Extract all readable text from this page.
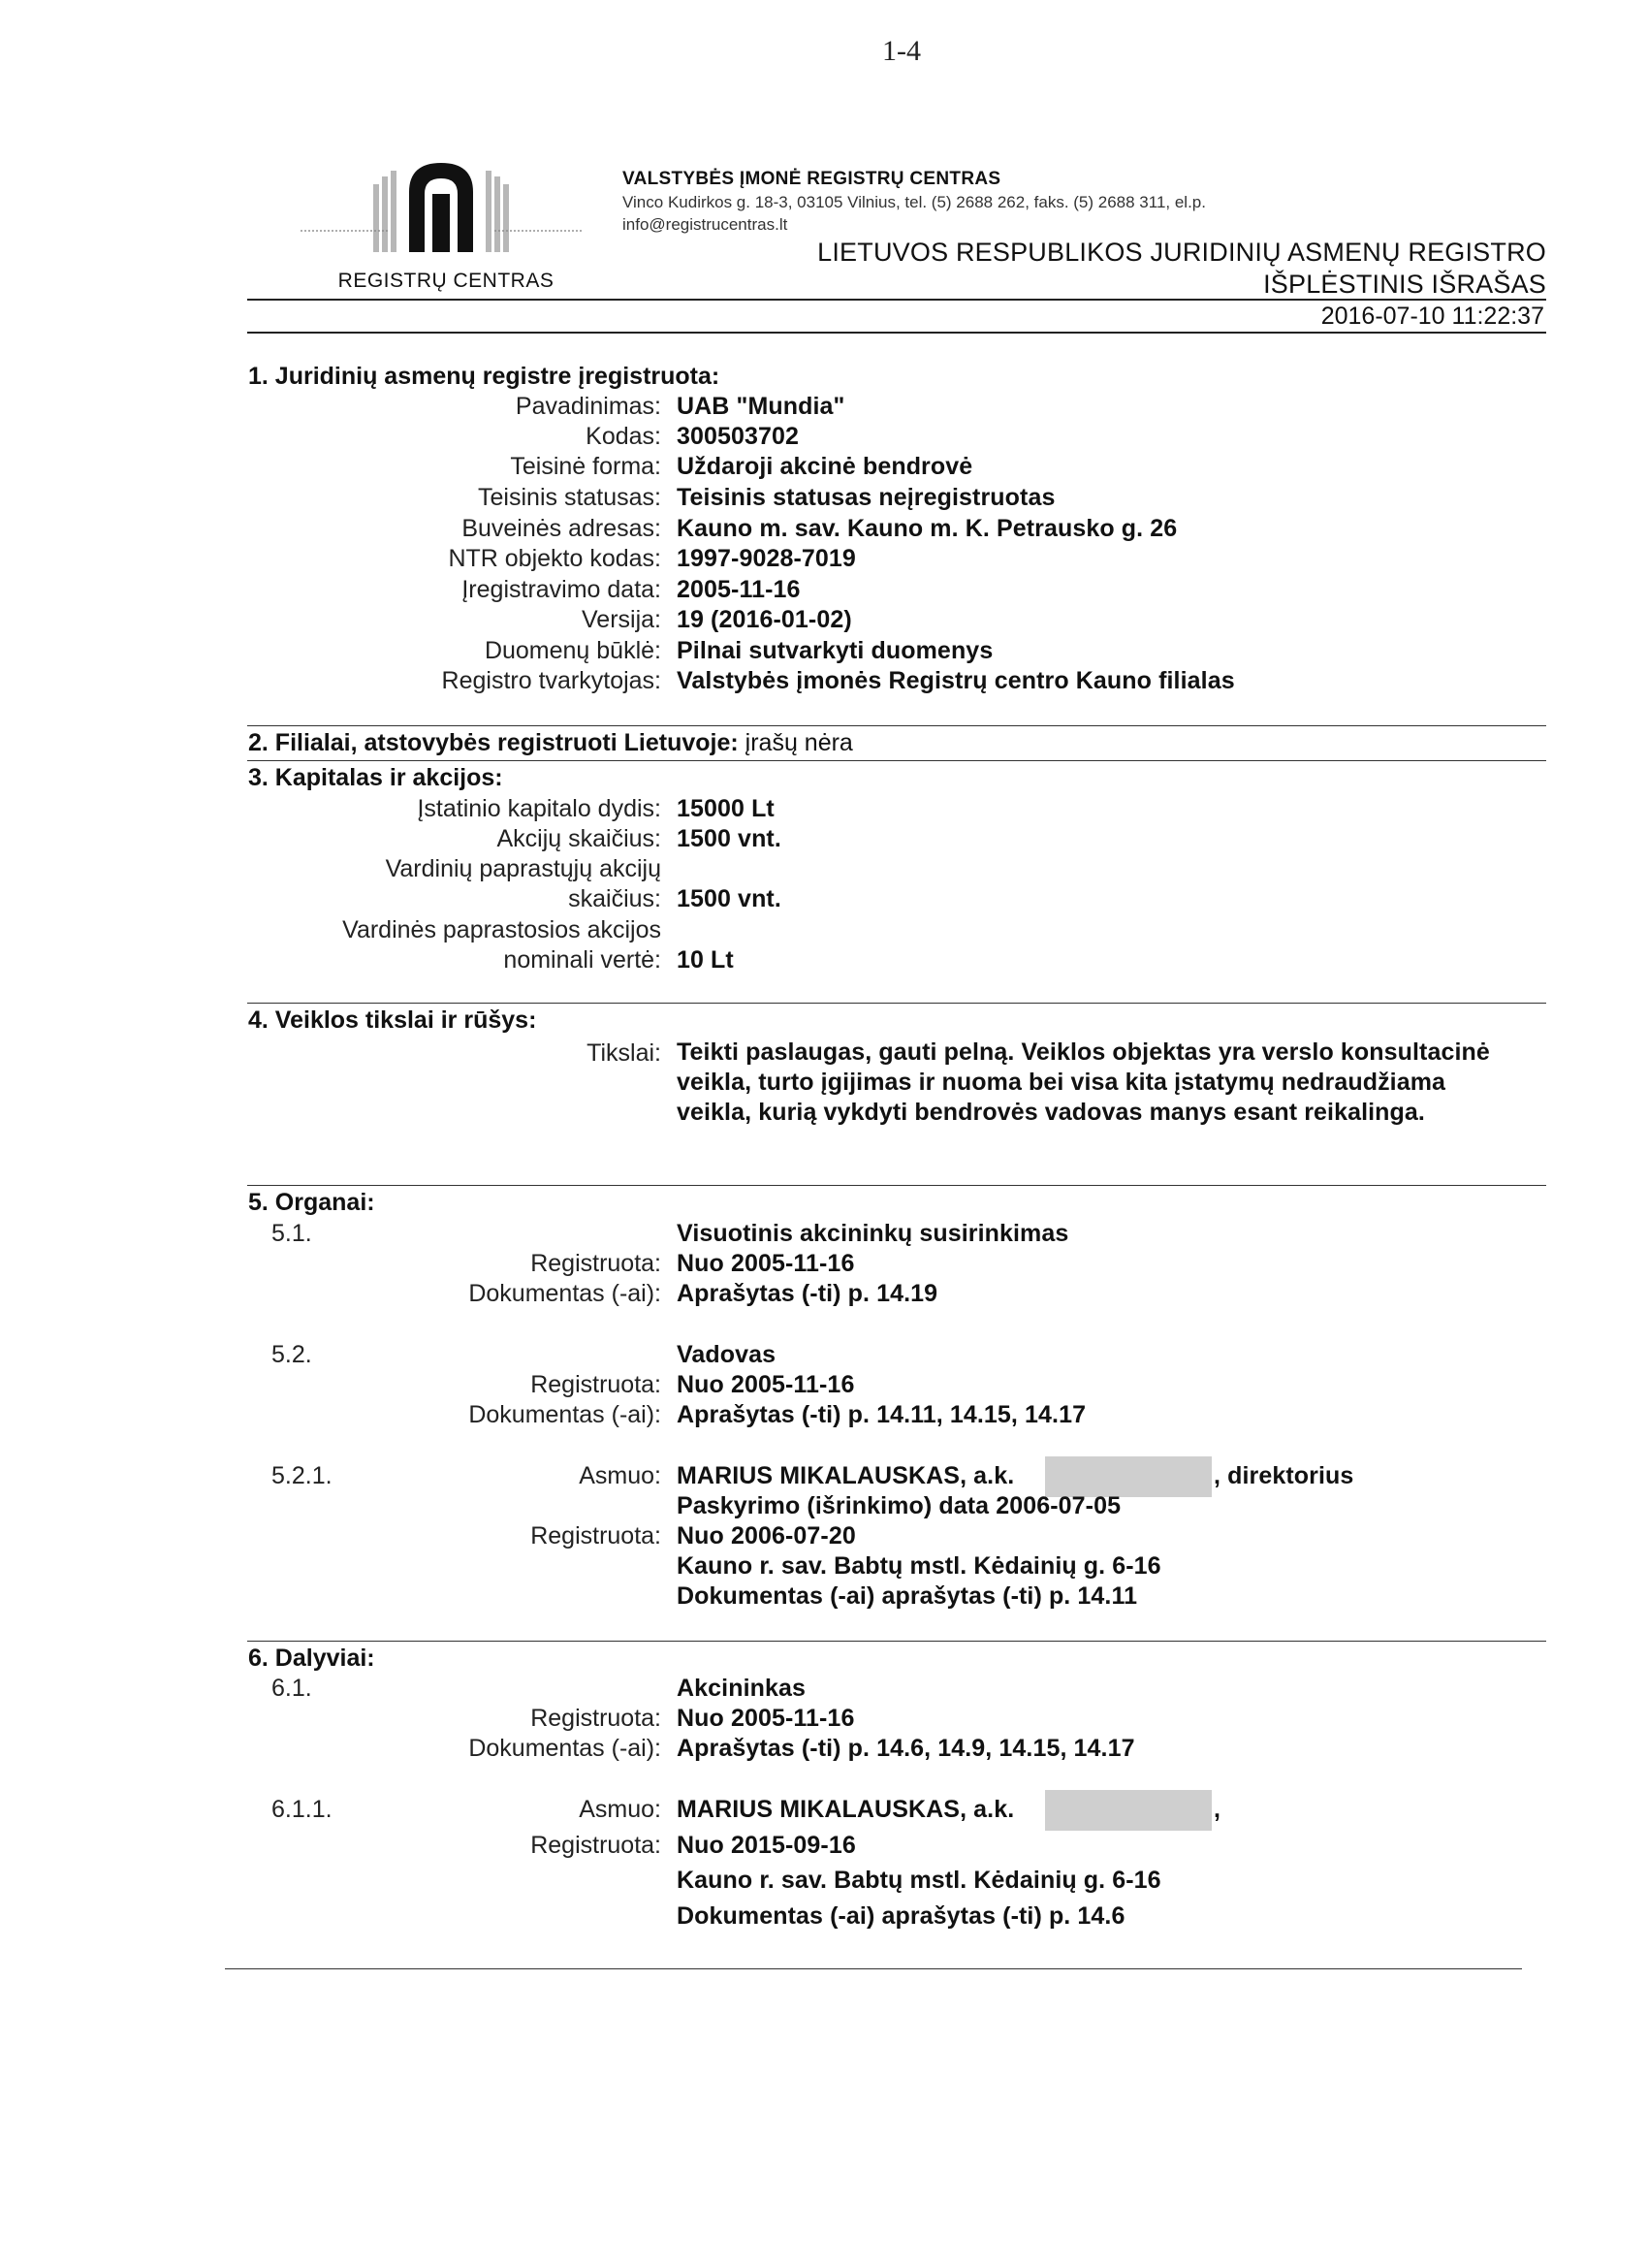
1-4
REGISTRŲ CENTRAS
VALSTYBĖS ĮMONĖ REGISTRŲ CENTRAS
Vinco Kudirkos g. 18-3, 03105 Vilnius, tel. (5) 2688 262, faks. (5) 2688 311, el.p.
info@registrucentras.lt
LIETUVOS RESPUBLIKOS JURIDINIŲ ASMENŲ REGISTRO
IŠPLĖSTINIS IŠRAŠAS
2016-07-10 11:22:37
1. Juridinių asmenų registre įregistruota:
Pavadinimas: UAB "Mundia"
Kodas: 300503702
Teisinė forma: Uždaroji akcinė bendrovė
Teisinis statusas: Teisinis statusas neįregistruotas
Buveinės adresas: Kauno m. sav. Kauno m. K. Petrausko g. 26
NTR objekto kodas: 1997-9028-7019
Įregistravimo data: 2005-11-16
Versija: 19 (2016-01-02)
Duomenų būklė: Pilnai sutvarkyti duomenys
Registro tvarkytojas: Valstybės įmonės Registrų centro Kauno filialas
2. Filialai, atstovybės registruoti Lietuvoje: įrašų nėra
3. Kapitalas ir akcijos:
Įstatinio kapitalo dydis: 15000 Lt
Akcijų skaičius: 1500 vnt.
Vardinių paprastųjų akcijų
skaičius: 1500 vnt.
Vardinės paprastosios akcijos
nominali vertė: 10 Lt
4. Veiklos tikslai ir rūšys:
Tikslai: Teikti paslaugas, gauti pelną. Veiklos objektas yra verslo konsultacinė veikla, turto įgijimas ir nuoma bei visa kita įstatymų nedraudžiama veikla, kurią vykdyti bendrovės vadovas manys esant reikalinga.
5. Organai:
5.1.	Visuotinis akcininkų susirinkimas
Registruota: Nuo 2005-11-16
Dokumentas (-ai): Aprašytas (-ti) p. 14.19
5.2.	Vadovas
Registruota: Nuo 2005-11-16
Dokumentas (-ai): Aprašytas (-ti) p. 14.11, 14.15, 14.17
5.2.1.	Asmuo: MARIUS MIKALAUSKAS, a.k.	, direktorius
Paskyrimo (išrinkimo) data 2006-07-05
Registruota: Nuo 2006-07-20
Kauno r. sav. Babtų mstl. Kėdainių g. 6-16
Dokumentas (-ai) aprašytas (-ti) p. 14.11
6. Dalyviai:
6.1.	Akcininkas
Registruota: Nuo 2005-11-16
Dokumentas (-ai): Aprašytas (-ti) p. 14.6, 14.9, 14.15, 14.17
6.1.1.	Asmuo: MARIUS MIKALAUSKAS, a.k.	,
Registruota: Nuo 2015-09-16
Kauno r. sav. Babtų mstl. Kėdainių g. 6-16
Dokumentas (-ai) aprašytas (-ti) p. 14.6
